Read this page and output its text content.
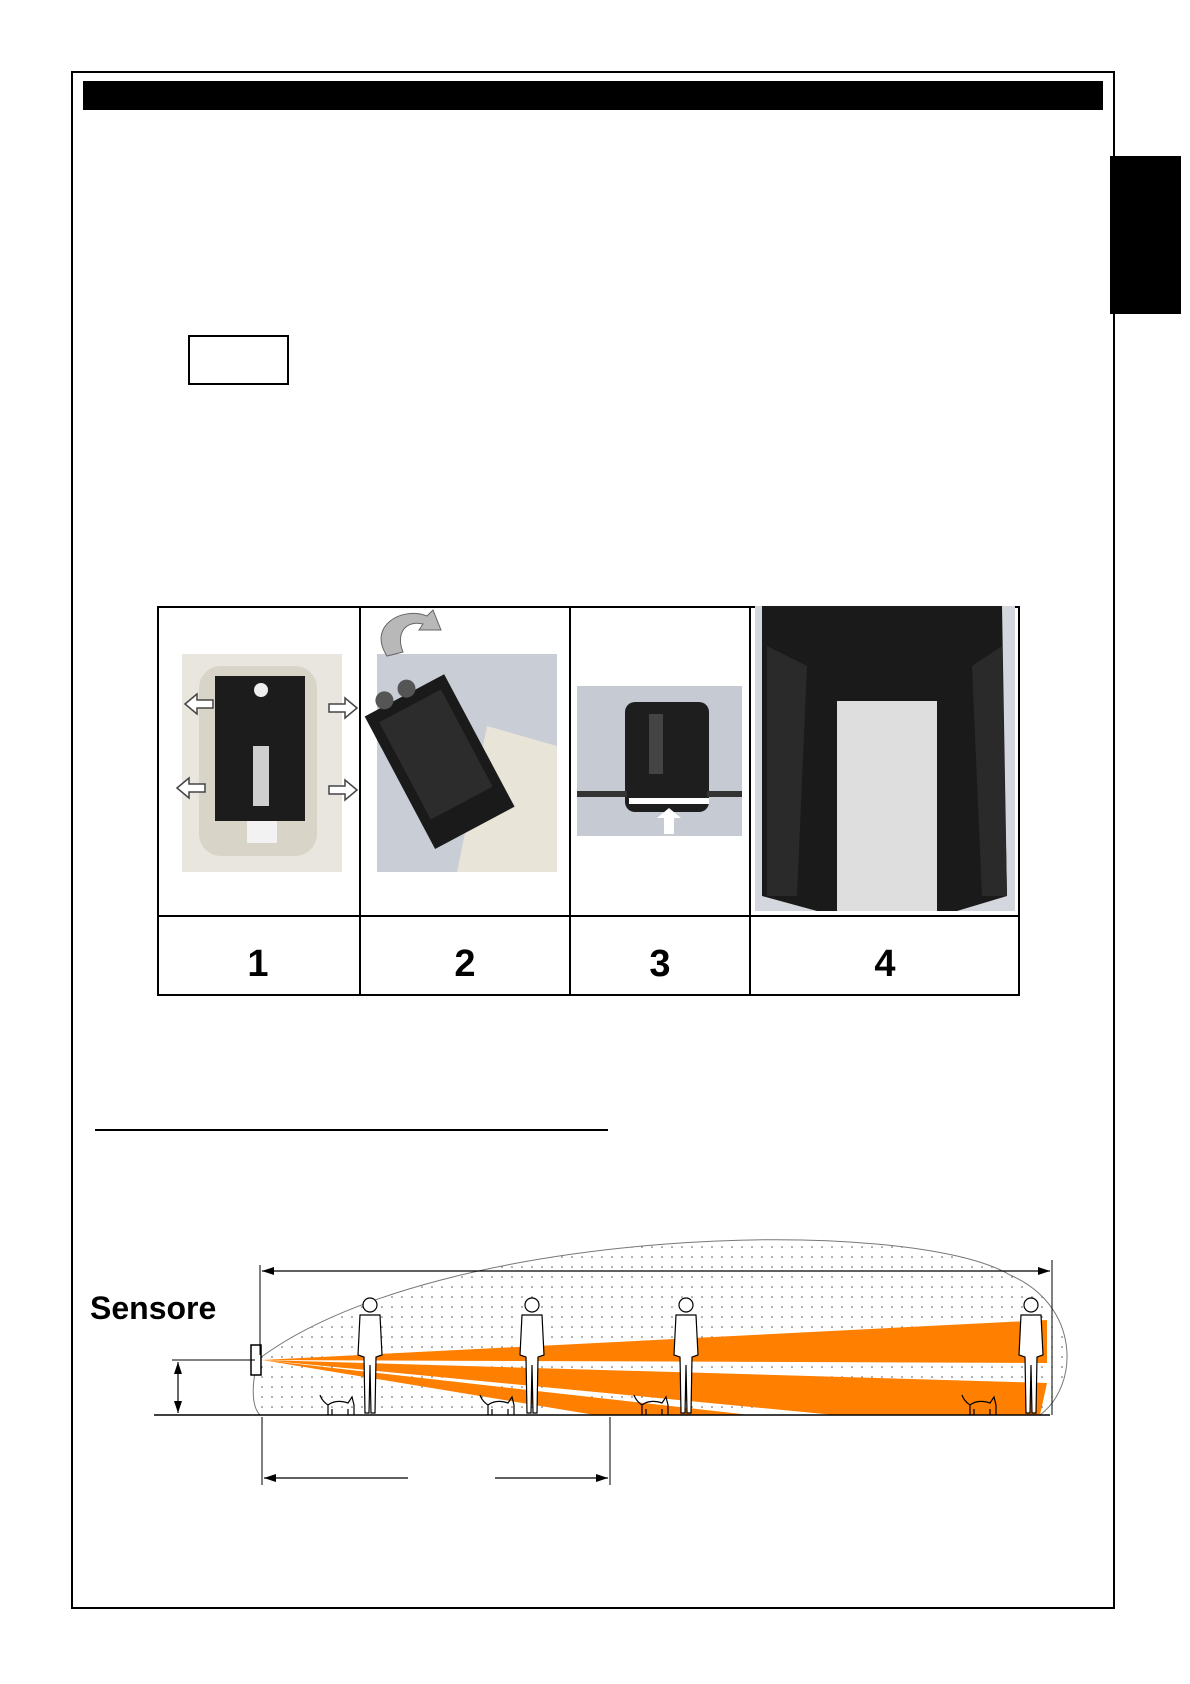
1	2	3	4
Sensore
